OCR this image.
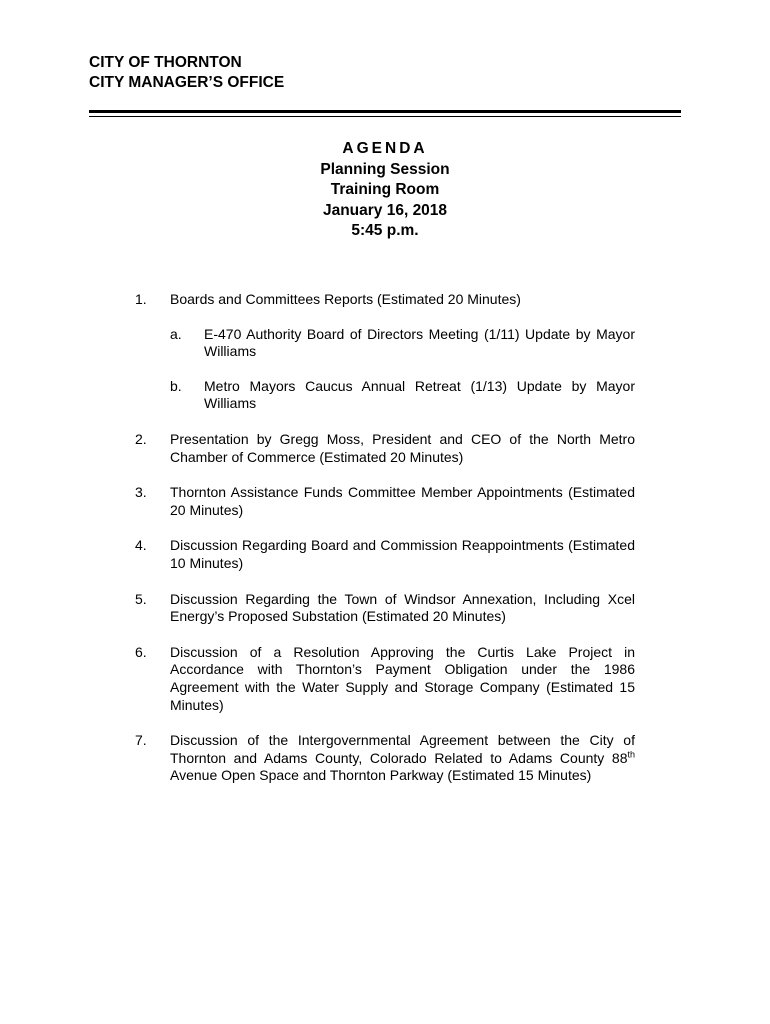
CITY OF THORNTON
CITY MANAGER’S OFFICE
AGENDA
Planning Session
Training Room
January 16, 2018
5:45 p.m.
1. Boards and Committees Reports (Estimated 20 Minutes)
a. E-470 Authority Board of Directors Meeting (1/11) Update by Mayor Williams
b. Metro Mayors Caucus Annual Retreat (1/13) Update by Mayor Williams
2. Presentation by Gregg Moss, President and CEO of the North Metro Chamber of Commerce (Estimated 20 Minutes)
3. Thornton Assistance Funds Committee Member Appointments (Estimated 20 Minutes)
4. Discussion Regarding Board and Commission Reappointments (Estimated 10 Minutes)
5. Discussion Regarding the Town of Windsor Annexation, Including Xcel Energy’s Proposed Substation (Estimated 20 Minutes)
6. Discussion of a Resolution Approving the Curtis Lake Project in Accordance with Thornton’s Payment Obligation under the 1986 Agreement with the Water Supply and Storage Company (Estimated 15 Minutes)
7. Discussion of the Intergovernmental Agreement between the City of Thornton and Adams County, Colorado Related to Adams County 88th Avenue Open Space and Thornton Parkway (Estimated 15 Minutes)
